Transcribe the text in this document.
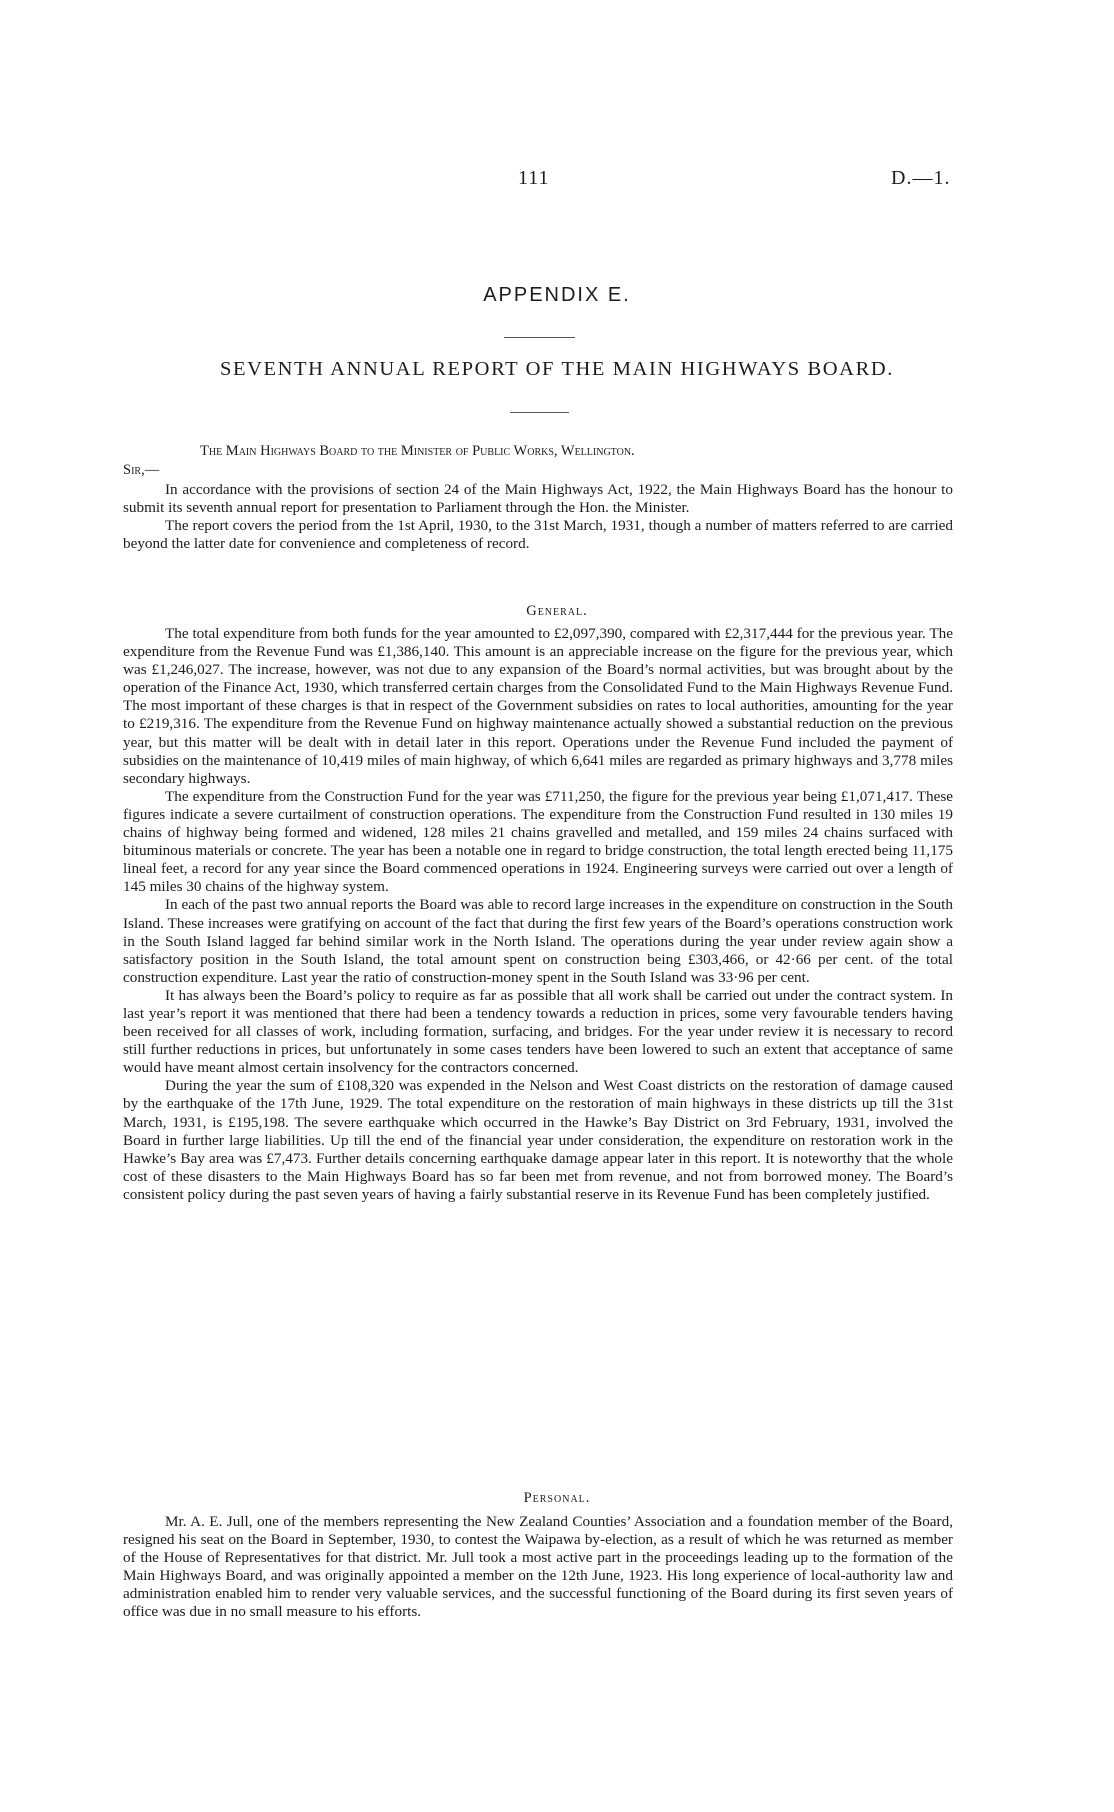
111	D.—1.
APPENDIX E.
SEVENTH ANNUAL REPORT OF THE MAIN HIGHWAYS BOARD.
The Main Highways Board to the Minister of Public Works, Wellington.
Sir,—

In accordance with the provisions of section 24 of the Main Highways Act, 1922, the Main Highways Board has the honour to submit its seventh annual report for presentation to Parliament through the Hon. the Minister.

The report covers the period from the 1st April, 1930, to the 31st March, 1931, though a number of matters referred to are carried beyond the latter date for convenience and completeness of record.

General.

The total expenditure from both funds for the year amounted to £2,097,390, compared with £2,317,444 for the previous year. The expenditure from the Revenue Fund was £1,386,140. This amount is an appreciable increase on the figure for the previous year, which was £1,246,027. The increase, however, was not due to any expansion of the Board’s normal activities, but was brought about by the operation of the Finance Act, 1930, which transferred certain charges from the Consolidated Fund to the Main Highways Revenue Fund. The most important of these charges is that in respect of the Government subsidies on rates to local authorities, amounting for the year to £219,316. The expenditure from the Revenue Fund on highway maintenance actually showed a substantial reduction on the previous year, but this matter will be dealt with in detail later in this report. Operations under the Revenue Fund included the payment of subsidies on the maintenance of 10,419 miles of main highway, of which 6,641 miles are regarded as primary highways and 3,778 miles secondary highways.

The expenditure from the Construction Fund for the year was £711,250, the figure for the previous year being £1,071,417. These figures indicate a severe curtailment of construction operations. The expenditure from the Construction Fund resulted in 130 miles 19 chains of highway being formed and widened, 128 miles 21 chains gravelled and metalled, and 159 miles 24 chains surfaced with bituminous materials or concrete. The year has been a notable one in regard to bridge construction, the total length erected being 11,175 lineal feet, a record for any year since the Board commenced operations in 1924. Engineering surveys were carried out over a length of 145 miles 30 chains of the highway system.

In each of the past two annual reports the Board was able to record large increases in the expenditure on construction in the South Island. These increases were gratifying on account of the fact that during the first few years of the Board’s operations construction work in the South Island lagged far behind similar work in the North Island. The operations during the year under review again show a satisfactory position in the South Island, the total amount spent on construction being £303,466, or 42·66 per cent. of the total construction expenditure. Last year the ratio of construction-money spent in the South Island was 33·96 per cent.

It has always been the Board’s policy to require as far as possible that all work shall be carried out under the contract system. In last year’s report it was mentioned that there had been a tendency towards a reduction in prices, some very favourable tenders having been received for all classes of work, including formation, surfacing, and bridges. For the year under review it is necessary to record still further reductions in prices, but unfortunately in some cases tenders have been lowered to such an extent that acceptance of same would have meant almost certain insolvency for the contractors concerned.

During the year the sum of £108,320 was expended in the Nelson and West Coast districts on the restoration of damage caused by the earthquake of the 17th June, 1929. The total expenditure on the restoration of main highways in these districts up till the 31st March, 1931, is £195,198. The severe earthquake which occurred in the Hawke’s Bay District on 3rd February, 1931, involved the Board in further large liabilities. Up till the end of the financial year under consideration, the expenditure on restoration work in the Hawke’s Bay area was £7,473. Further details concerning earthquake damage appear later in this report. It is noteworthy that the whole cost of these disasters to the Main Highways Board has so far been met from revenue, and not from borrowed money. The Board’s consistent policy during the past seven years of having a fairly substantial reserve in its Revenue Fund has been completely justified.

Personal.

Mr. A. E. Jull, one of the members representing the New Zealand Counties’ Association and a foundation member of the Board, resigned his seat on the Board in September, 1930, to contest the Waipawa by-election, as a result of which he was returned as member of the House of Representatives for that district. Mr. Jull took a most active part in the proceedings leading up to the formation of the Main Highways Board, and was originally appointed a member on the 12th June, 1923. His long experience of local-authority law and administration enabled him to render very valuable services, and the successful functioning of the Board during its first seven years of office was due in no small measure to his efforts.
